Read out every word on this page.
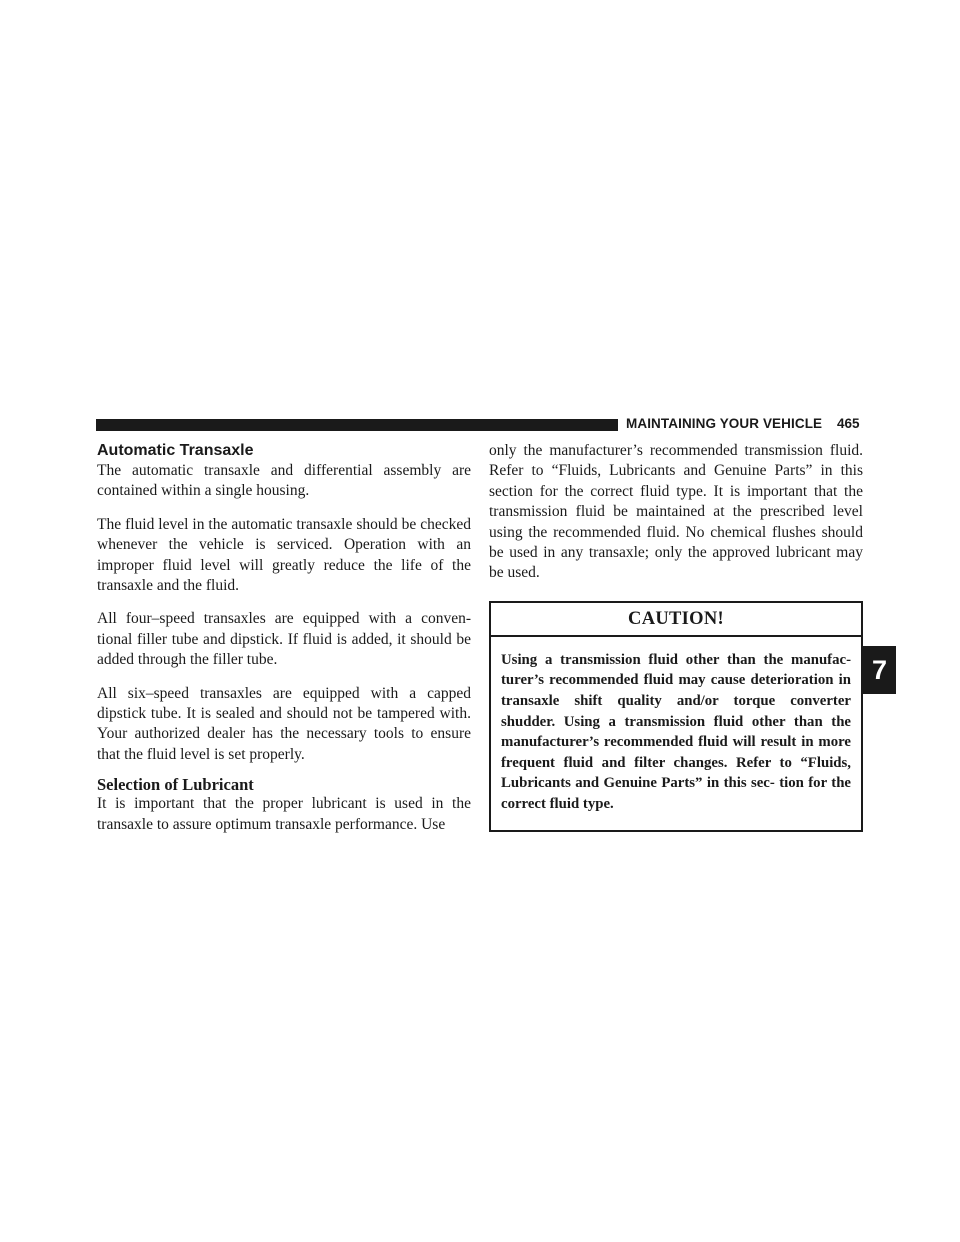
MAINTAINING YOUR VEHICLE 465
Automatic Transaxle

The automatic transaxle and differential assembly are contained within a single housing.

The fluid level in the automatic transaxle should be checked whenever the vehicle is serviced. Operation with an improper fluid level will greatly reduce the life of the transaxle and the fluid.

All four–speed transaxles are equipped with a conven- tional filler tube and dipstick. If fluid is added, it should be added through the filler tube.

All six–speed transaxles are equipped with a capped dipstick tube. It is sealed and should not be tampered with. Your authorized dealer has the necessary tools to ensure that the fluid level is set properly.

Selection of Lubricant

It is important that the proper lubricant is used in the transaxle to assure optimum transaxle performance. Use

only the manufacturer’s recommended transmission fluid. Refer to “Fluids, Lubricants and Genuine Parts” in this section for the correct fluid type. It is important that the transmission fluid be maintained at the prescribed level using the recommended fluid. No chemical flushes should be used in any transaxle; only the approved lubricant may be used.

CAUTION!
Using a transmission fluid other than the manufac- turer’s recommended fluid may cause deterioration in transaxle shift quality and/or torque converter shudder. Using a transmission fluid other than the manufacturer’s recommended fluid will result in more frequent fluid and filter changes. Refer to “Fluids, Lubricants and Genuine Parts” in this sec- tion for the correct fluid type.
7
